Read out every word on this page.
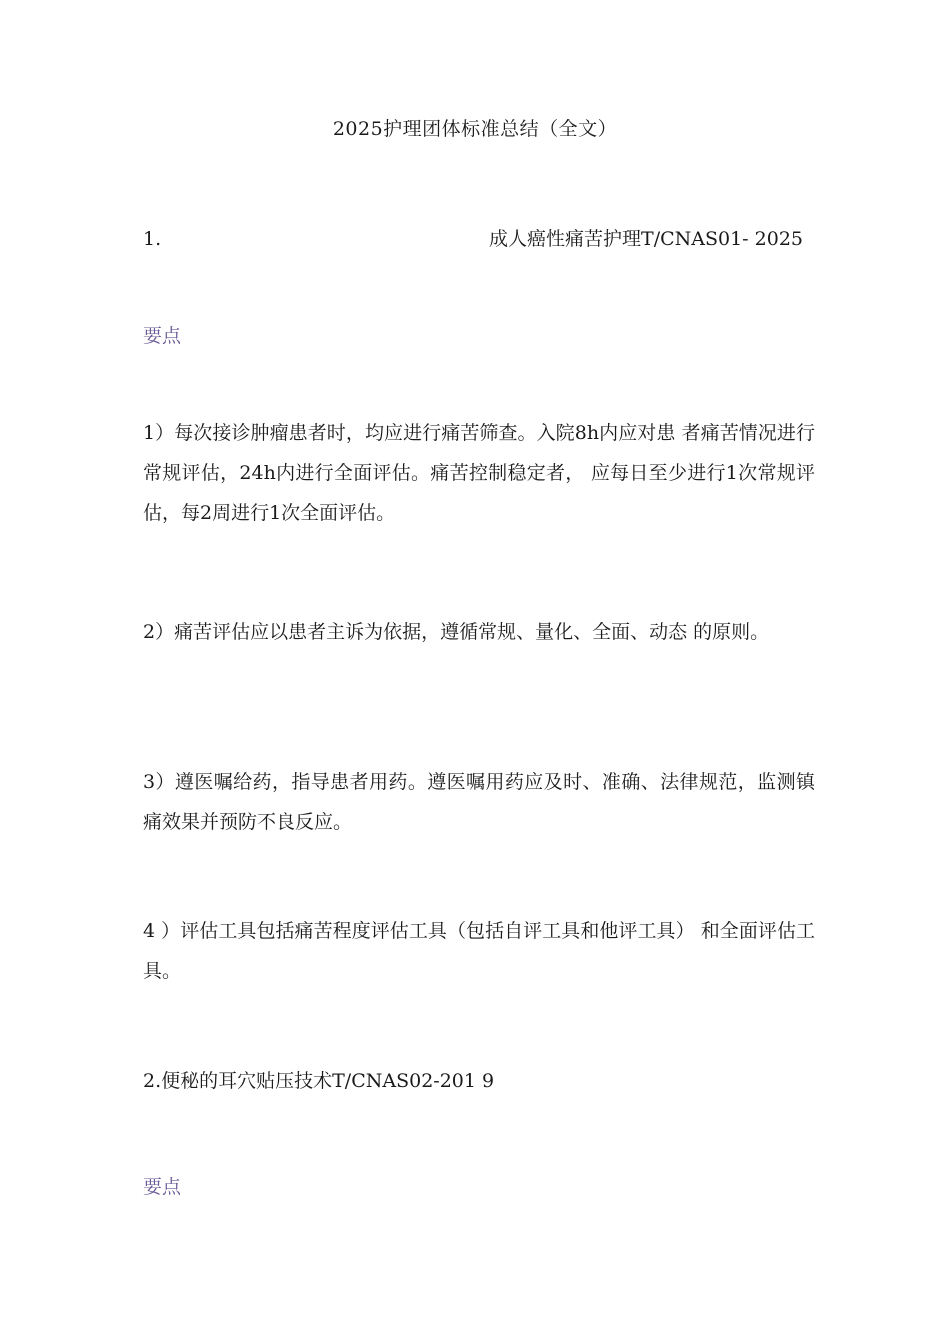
2025护理团体标准总结（全文）
1.	成人癌性痛苦护理T/CNAS01- 2025
要点
1）每次接诊肿瘤患者时，均应进行痛苦筛查。入院8h内应对患 者痛苦情况进行常规评估，24h内进行全面评估。痛苦控制稳定者， 应每日至少进行1次常规评估，每2周进行1次全面评估。
2）痛苦评估应以患者主诉为依据，遵循常规、量化、全面、动态 的原则。
3）遵医嘱给药，指导患者用药。遵医嘱用药应及时、准确、法律规范，监测镇痛效果并预防不良反应。
4 ）评估工具包括痛苦程度评估工具（包括自评工具和他评工具） 和全面评估工具。
2.便秘的耳穴贴压技术T/CNAS02-201 9
要点
